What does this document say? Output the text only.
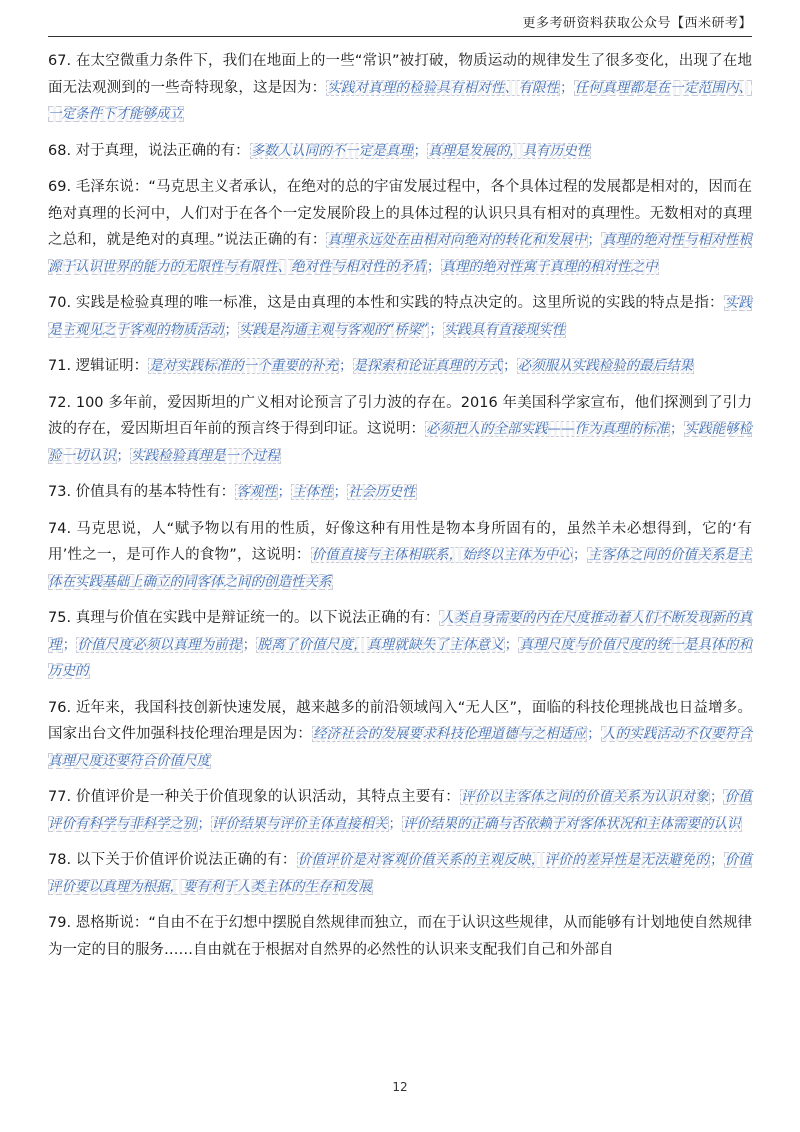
更多考研资料获取公众号【西米研考】
67. 在太空微重力条件下，我们在地面上的一些“常识”被打破，物质运动的规律发生了很多变化，出现了在地面无法观测到的一些奇特现象，这是因为：实践对真理的检验具有相对性、有限性；任何真理都是在一定范围内、一定条件下才能够成立
68. 对于真理，说法正确的有：多数人认同的不一定是真理；真理是发展的，具有历史性
69. 毛泽东说：“马克思主义者承认，在绝对的总的宇宙发展过程中，各个具体过程的发展都是相对的，因而在绝对真理的长河中，人们对于在各个一定发展阶段上的具体过程的认识只具有相对的真理性。无数相对的真理之总和，就是绝对的真理。”说法正确的有：真理永远处在由相对向绝对的转化和发展中；真理的绝对性与相对性根源于认识世界的能力的无限性与有限性、绝对性与相对性的矛盾；真理的绝对性寓于真理的相对性之中
70. 实践是检验真理的唯一标准，这是由真理的本性和实践的特点决定的。这里所说的实践的特点是指：实践是主观见之于客观的物质活动；实践是沟通主观与客观的“桥梁”；实践具有直接现实性
71. 逻辑证明：是对实践标准的一个重要的补充；是探索和论证真理的方式；必须服从实践检验的最后结果
72. 100 多年前，爱因斯坦的广义相对论预言了引力波的存在。2016 年美国科学家宣布，他们探测到了引力波的存在，爱因斯坦百年前的预言终于得到印证。这说明：必须把人的全部实践——作为真理的标准；实践能够检验一切认识；实践检验真理是一个过程
73. 价值具有的基本特性有：客观性；主体性；社会历史性
74. 马克思说，人“赋予物以有用的性质，好像这种有用性是物本身所固有的，虽然羊未必想得到，它的‘有用’性之一，是可作人的食物”，这说明：价值直接与主体相联系，始终以主体为中心；主客体之间的价值关系是主体在实践基础上确立的同客体之间的创造性关系
75. 真理与价值在实践中是辩证统一的。以下说法正确的有：人类自身需要的内在尺度推动着人们不断发现新的真理；价值尺度必须以真理为前提；脱离了价值尺度，真理就缺失了主体意义；真理尺度与价值尺度的统一是具体的和历史的
76. 近年来，我国科技创新快速发展，越来越多的前沿领域闯入“无人区”，面临的科技伦理挑战也日益增多。国家出台文件加强科技伦理治理是因为：经济社会的发展要求科技伦理道德与之相适应；人的实践活动不仅要符合真理尺度还要符合价值尺度
77. 价值评价是一种关于价值现象的认识活动，其特点主要有：评价以主客体之间的价值关系为认识对象；价值评价有科学与非科学之别；评价结果与评价主体直接相关；评价结果的正确与否依赖于对客体状况和主体需要的认识
78. 以下关于价值评价说法正确的有：价值评价是对客观价值关系的主观反映，评价的差异性是无法避免的；价值评价要以真理为根据，要有利于人类主体的生存和发展
79. 恩格斯说：“自由不在于幻想中摆脱自然规律而独立，而在于认识这些规律，从而能够有计划地使自然规律为一定的目的服务……自由就在于根据对自然界的必然性的认识来支配我们自己和外部自
12
